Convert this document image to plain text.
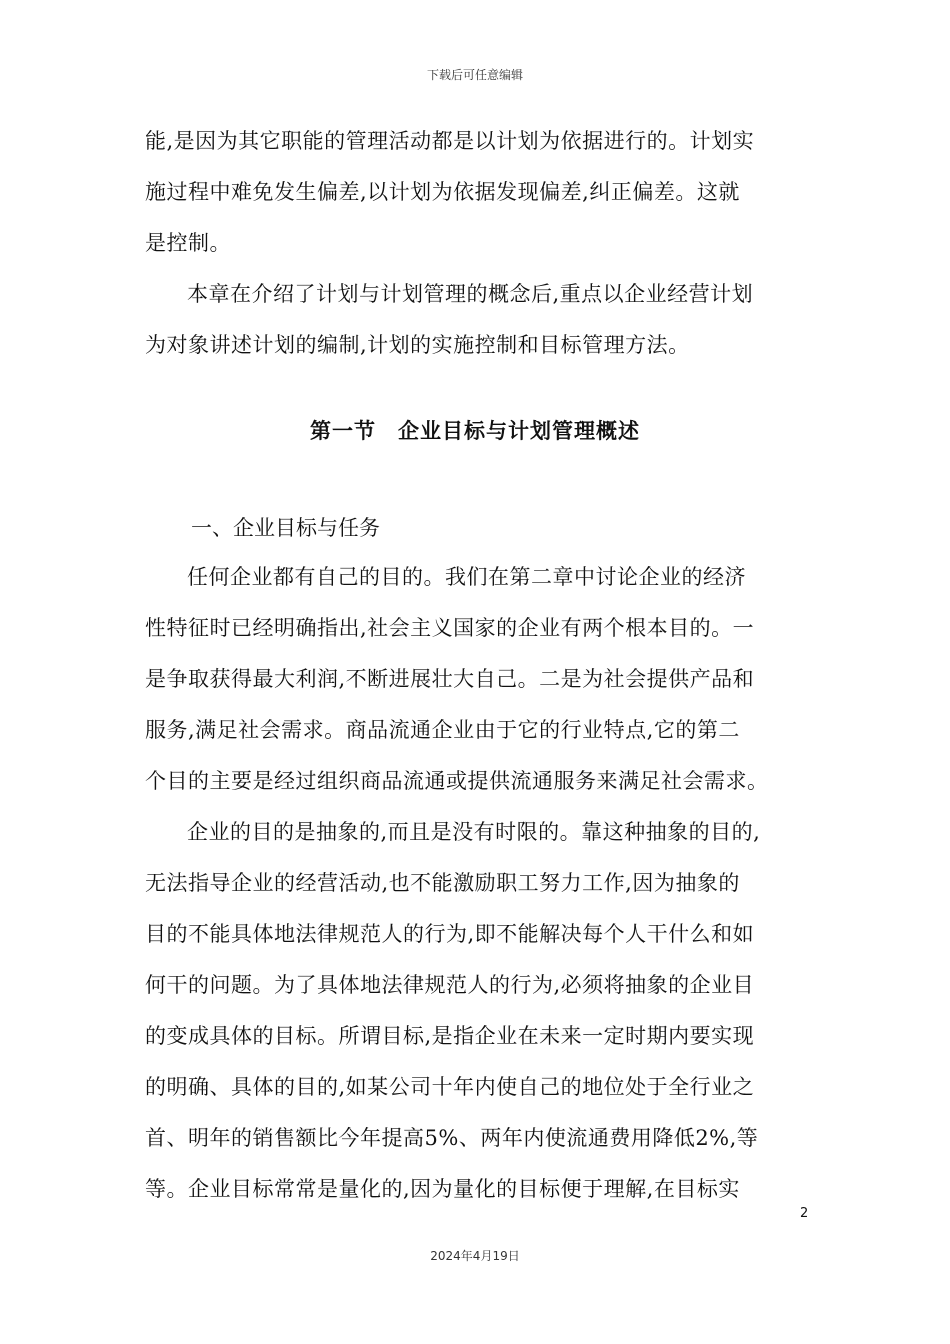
下载后可任意编辑

能,是因为其它职能的管理活动都是以计划为依据进行的。计划实

施过程中难免发生偏差,以计划为依据发现偏差,纠正偏差。这就

是控制。

本章在介绍了计划与计划管理的概念后,重点以企业经营计划

为对象讲述计划的编制,计划的实施控制和目标管理方法。

第一节　企业目标与计划管理概述
一、企业目标与任务

任何企业都有自己的目的。我们在第二章中讨论企业的经济

性特征时已经明确指出,社会主义国家的企业有两个根本目的。一

是争取获得最大利润,不断进展壮大自己。二是为社会提供产品和

服务,满足社会需求。商品流通企业由于它的行业特点,它的第二

个目的主要是经过组织商品流通或提供流通服务来满足社会需求。

企业的目的是抽象的,而且是没有时限的。靠这种抽象的目的,

无法指导企业的经营活动,也不能激励职工努力工作,因为抽象的

目的不能具体地法律规范人的行为,即不能解决每个人干什么和如

何干的问题。为了具体地法律规范人的行为,必须将抽象的企业目

的变成具体的目标。所谓目标,是指企业在未来一定时期内要实现

的明确、具体的目的,如某公司十年内使自己的地位处于全行业之

首、明年的销售额比今年提高5%、两年内使流通费用降低2%,等

等。企业目标常常是量化的,因为量化的目标便于理解,在目标实

2
2024年4月19日
